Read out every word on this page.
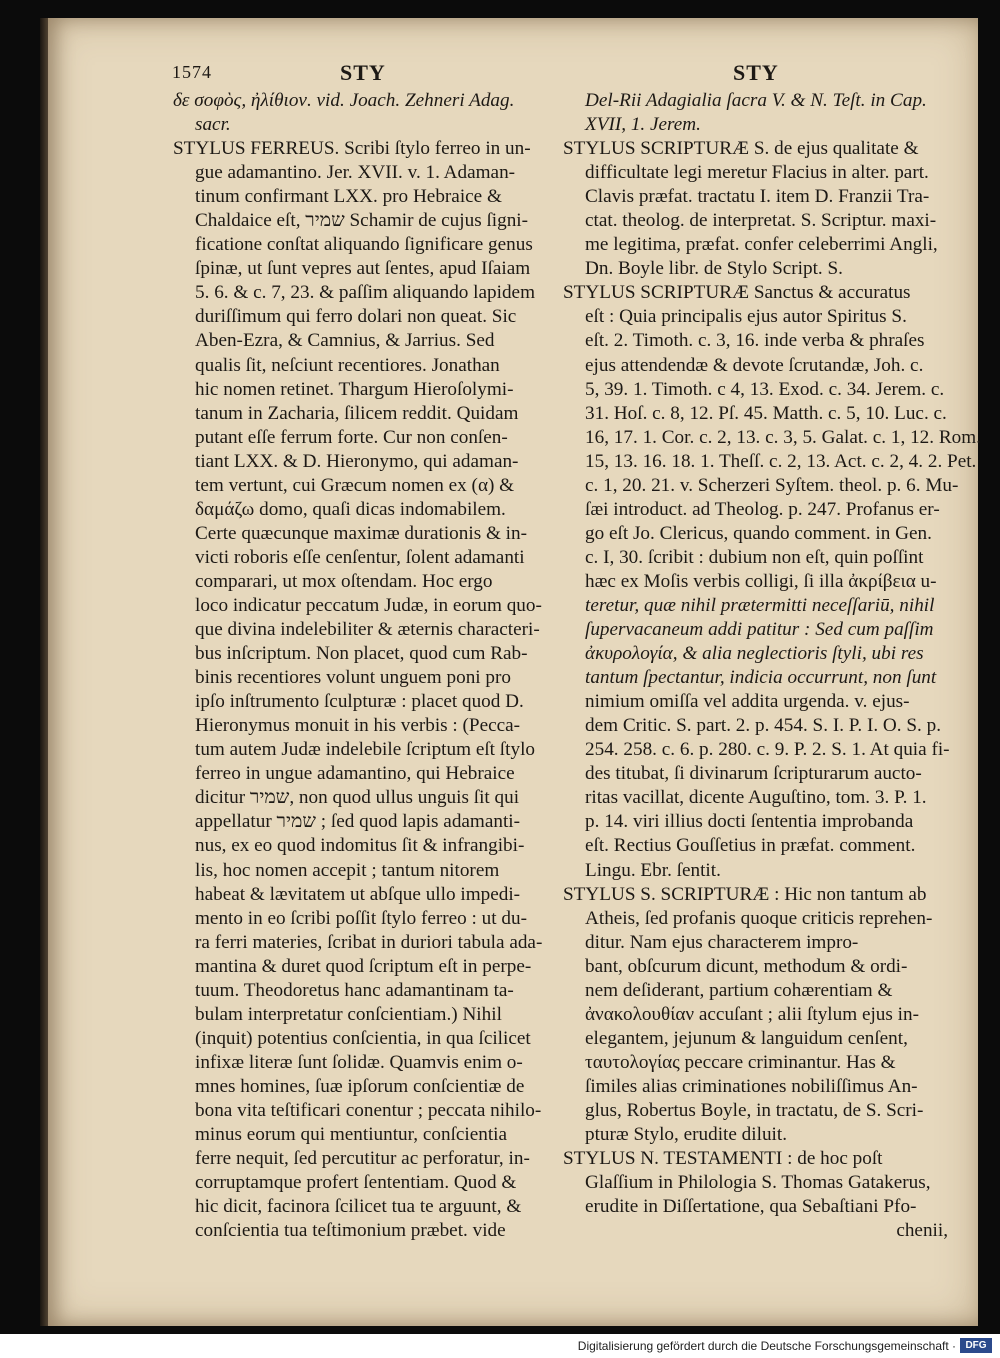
1574	STY	STY

δε σοφὸς, ἠλίθιον. vid. Joach. Zehneri Adag.

sacr.

STYLUS FERREUS. Scribi ſtylo ferreo in un-

gue adamantino. Jer. XVII. v. 1. Adaman-

tinum confirmant LXX. pro Hebraice &

Chaldaice eſt, שמיר Schamir de cujus ſigni-

ficatione conſtat aliquando ſignificare genus

ſpinæ, ut ſunt vepres aut ſentes, apud Iſaiam

5. 6. & c. 7, 23. & paſſim aliquando lapidem

duriſſimum qui ferro dolari non queat. Sic

Aben-Ezra, & Camnius, & Jarrius. Sed

qualis ſit, neſciunt recentiores. Jonathan

hic nomen retinet. Thargum Hieroſolymi-

tanum in Zacharia, ſilicem reddit. Quidam

putant eſſe ferrum forte. Cur non conſen-

tiant LXX. & D. Hieronymo, qui adaman-

tem vertunt, cui Græcum nomen ex (α) &

δαμάζω domo, quaſi dicas indomabilem.

Certe quæcunque maximæ durationis & in-

victi roboris eſſe cenſentur, ſolent adamanti

comparari, ut mox oſtendam. Hoc ergo

loco indicatur peccatum Judæ, in eorum quo-

que divina indelebiliter & æternis characteri-

bus inſcriptum. Non placet, quod cum Rab-

binis recentiores volunt unguem poni pro

ipſo inſtrumento ſculpturæ : placet quod D.

Hieronymus monuit in his verbis : (Pecca-

tum autem Judæ indelebile ſcriptum eſt ſtylo

ferreo in ungue adamantino, qui Hebraice

dicitur שמיר, non quod ullus unguis ſit qui

appellatur שמיר ; ſed quod lapis adamanti-

nus, ex eo quod indomitus ſit & infrangibi-

lis, hoc nomen accepit ; tantum nitorem

habeat & lævitatem ut abſque ullo impedi-

mento in eo ſcribi poſſit ſtylo ferreo : ut du-

ra ferri materies, ſcribat in duriori tabula ada-

mantina & duret quod ſcriptum eſt in perpe-

tuum. Theodoretus hanc adamantinam ta-

bulam interpretatur conſcientiam.) Nihil

(inquit) potentius conſcientia, in qua ſcilicet

infixæ literæ ſunt ſolidæ. Quamvis enim o-

mnes homines, ſuæ ipſorum conſcientiæ de

bona vita teſtificari conentur ; peccata nihilo-

minus eorum qui mentiuntur, conſcientia

ferre nequit, ſed percutitur ac perforatur, in-

corruptamque profert ſententiam. Quod &

hic dicit, facinora ſcilicet tua te arguunt, &

conſcientia tua teſtimonium præbet. vide

Del-Rii Adagialia ſacra V. & N. Teſt. in Cap.

XVII, 1. Jerem.

STYLUS SCRIPTURÆ S. de ejus qualitate &

difficultate legi meretur Flacius in alter. part.

Clavis præfat. tractatu I. item D. Franzii Tra-

ctat. theolog. de interpretat. S. Scriptur. maxi-

me legitima, præfat. confer celeberrimi Angli,

Dn. Boyle libr. de Stylo Script. S.

STYLUS SCRIPTURÆ Sanctus & accuratus

eſt : Quia principalis ejus autor Spiritus S.

eſt. 2. Timoth. c. 3, 16. inde verba & phraſes

ejus attendendæ & devote ſcrutandæ, Joh. c.

5, 39. 1. Timoth. c 4, 13. Exod. c. 34. Jerem. c.

31. Hoſ. c. 8, 12. Pſ. 45. Matth. c. 5, 10. Luc. c.

16, 17. 1. Cor. c. 2, 13. c. 3, 5. Galat. c. 1, 12. Rom.

15, 13. 16. 18. 1. Theſſ. c. 2, 13. Act. c. 2, 4. 2. Pet.

c. 1, 20. 21. v. Scherzeri Syſtem. theol. p. 6. Mu-

ſæi introduct. ad Theolog. p. 247. Profanus er-

go eſt Jo. Clericus, quando comment. in Gen.

c. I, 30. ſcribit : dubium non eſt, quin poſſint

hæc ex Moſis verbis colligi, ſi illa ἀκρίβεια u-

teretur, quæ nihil prætermitti neceſſariū, nihil

ſupervacaneum addi patitur : Sed cum paſſim

ἀκυρολογία, & alia neglectioris ſtyli, ubi res

tantum ſpectantur, indicia occurrunt, non ſunt

nimium omiſſa vel addita urgenda. v. ejus-

dem Critic. S. part. 2. p. 454. S. I. P. I. O. S. p.

254. 258. c. 6. p. 280. c. 9. P. 2. S. 1. At quia fi-

des titubat, ſi divinarum ſcripturarum aucto-

ritas vacillat, dicente Auguſtino, tom. 3. P. 1.

p. 14. viri illius docti ſententia improbanda

eſt. Rectius Gouſſetius in præfat. comment.

Lingu. Ebr. ſentit.

STYLUS S. SCRIPTURÆ : Hic non tantum ab

Atheis, ſed profanis quoque criticis reprehen-

ditur. Nam ejus characterem impro-

bant, obſcurum dicunt, methodum & ordi-

nem deſiderant, partium cohærentiam &

ἀνακολουθίαν accuſant ; alii ſtylum ejus in-

elegantem, jejunum & languidum cenſent,

ταυτολογίας peccare criminantur. Has &

ſimiles alias criminationes nobiliſſimus An-

glus, Robertus Boyle, in tractatu, de S. Scri-

pturæ Stylo, erudite diluit.

STYLUS N. TESTAMENTI : de hoc poſt

Glaſſium in Philologia S. Thomas Gatakerus,

erudite in Diſſertatione, qua Sebaſtiani Pfo-

chenii,

Digitalisierung gefördert durch die Deutsche Forschungsgemeinschaft · DFG
